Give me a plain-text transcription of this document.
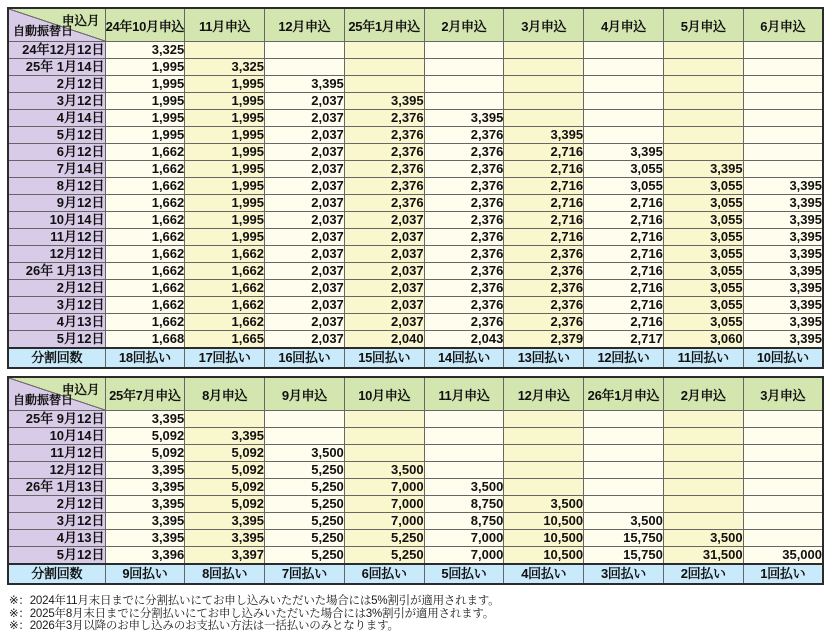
申込月
自動振替日	24年10月申込	11月申込	12月申込	25年1月申込	2月申込	3月申込	4月申込	5月申込	6月申込
24年12月12日	3,325								
25年 1月14日	1,995	3,325							
2月12日	1,995	1,995	3,395						
3月12日	1,995	1,995	2,037	3,395					
4月14日	1,995	1,995	2,037	2,376	3,395				
5月12日	1,995	1,995	2,037	2,376	2,376	3,395			
6月12日	1,662	1,995	2,037	2,376	2,376	2,716	3,395		
7月14日	1,662	1,995	2,037	2,376	2,376	2,716	3,055	3,395	
8月12日	1,662	1,995	2,037	2,376	2,376	2,716	3,055	3,055	3,395
9月12日	1,662	1,995	2,037	2,376	2,376	2,716	2,716	3,055	3,395
10月14日	1,662	1,995	2,037	2,037	2,376	2,716	2,716	3,055	3,395
11月12日	1,662	1,995	2,037	2,037	2,376	2,716	2,716	3,055	3,395
12月12日	1,662	1,662	2,037	2,037	2,376	2,376	2,716	3,055	3,395
26年 1月13日	1,662	1,662	2,037	2,037	2,376	2,376	2,716	3,055	3,395
2月12日	1,662	1,662	2,037	2,037	2,376	2,376	2,716	3,055	3,395
3月12日	1,662	1,662	2,037	2,037	2,376	2,376	2,716	3,055	3,395
4月13日	1,662	1,662	2,037	2,037	2,376	2,376	2,716	3,055	3,395
5月12日	1,668	1,665	2,037	2,040	2,043	2,379	2,717	3,060	3,395
分割回数	18回払い	17回払い	16回払い	15回払い	14回払い	13回払い	12回払い	11回払い	10回払い
申込月
自動振替日	25年7月申込	8月申込	9月申込	10月申込	11月申込	12月申込	26年1月申込	2月申込	3月申込
25年 9月12日	3,395								
10月14日	5,092	3,395							
11月12日	5,092	5,092	3,500						
12月12日	3,395	5,092	5,250	3,500					
26年 1月13日	3,395	5,092	5,250	7,000	3,500				
2月12日	3,395	5,092	5,250	7,000	8,750	3,500			
3月12日	3,395	3,395	5,250	7,000	8,750	10,500	3,500		
4月13日	3,395	3,395	5,250	5,250	7,000	10,500	15,750	3,500	
5月12日	3,396	3,397	5,250	5,250	7,000	10,500	15,750	31,500	35,000
分割回数	9回払い	8回払い	7回払い	6回払い	5回払い	4回払い	3回払い	2回払い	1回払い
※：2024年11月末日までに分割払いにてお申し込みいただいた場合には5%割引が適用されます。
※：2025年8月末日までに分割払いにてお申し込みいただいた場合には3%割引が適用されます。
※：2026年3月以降のお申し込みのお支払い方法は一括払いのみとなります。
